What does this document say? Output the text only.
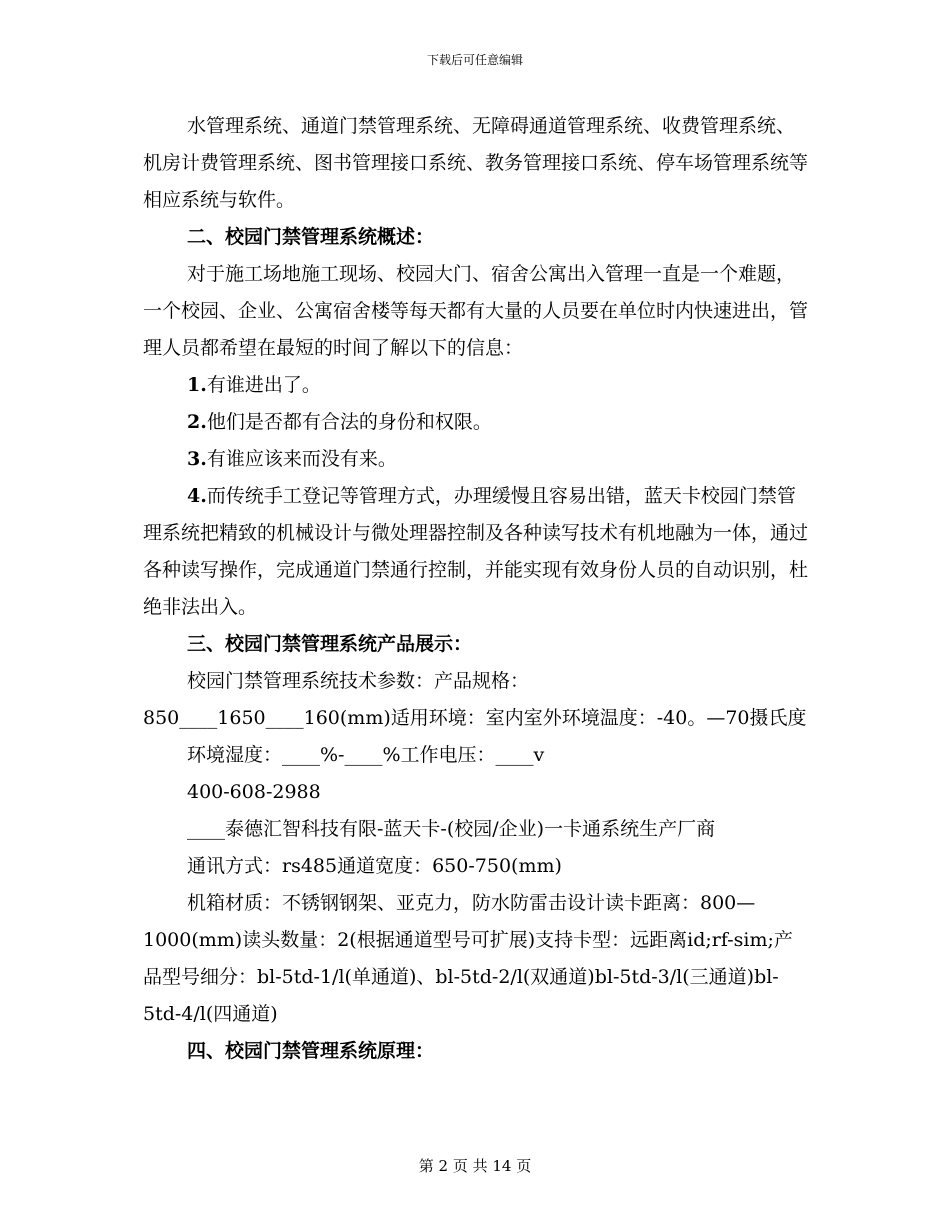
下载后可任意编辑

水管理系统、通道门禁管理系统、无障碍通道管理系统、收费管理系统、机房计费管理系统、图书管理接口系统、教务管理接口系统、停车场管理系统等相应系统与软件。

二、校园门禁管理系统概述：

对于施工场地施工现场、校园大门、宿舍公寓出入管理一直是一个难题，一个校园、企业、公寓宿舍楼等每天都有大量的人员要在单位时内快速进出，管理人员都希望在最短的时间了解以下的信息：

1.有谁进出了。

2.他们是否都有合法的身份和权限。

3.有谁应该来而没有来。

4.而传统手工登记等管理方式，办理缓慢且容易出错，蓝天卡校园门禁管理系统把精致的机械设计与微处理器控制及各种读写技术有机地融为一体，通过各种读写操作，完成通道门禁通行控制，并能实现有效身份人员的自动识别，杜绝非法出入。

三、校园门禁管理系统产品展示：

校园门禁管理系统技术参数：产品规格：

850____1650____160(mm)适用环境：室内室外环境温度：-40。—70摄氏度

环境湿度：____%-____%工作电压：____v

400-608-2988

____泰德汇智科技有限-蓝天卡-(校园/企业)一卡通系统生产厂商

通讯方式：rs485通道宽度：650-750(mm)

机箱材质：不锈钢钢架、亚克力，防水防雷击设计读卡距离：800—1000(mm)读头数量：2(根据通道型号可扩展)支持卡型：远距离id;rf-sim;产品型号细分：bl-5td-1/l(单通道)、bl-5td-2/l(双通道)bl-5td-3/l(三通道)bl-5td-4/l(四通道)

四、校园门禁管理系统原理：

第 2 页 共 14 页
